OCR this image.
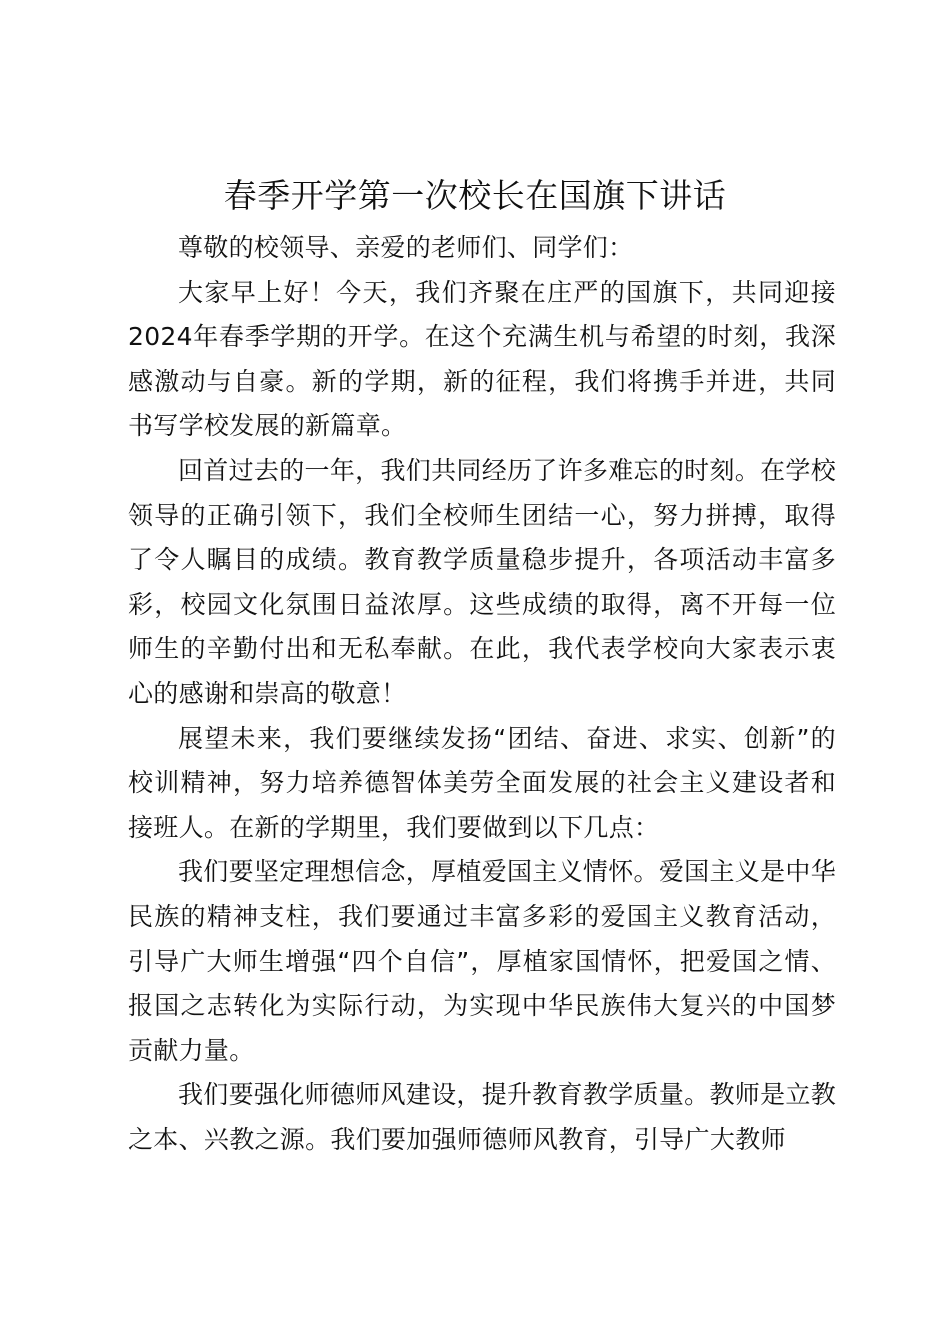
春季开学第一次校长在国旗下讲话

尊敬的校领导、亲爱的老师们、同学们：

大家早上好！今天，我们齐聚在庄严的国旗下，共同迎接2024年春季学期的开学。在这个充满生机与希望的时刻，我深感激动与自豪。新的学期，新的征程，我们将携手并进，共同书写学校发展的新篇章。

回首过去的一年，我们共同经历了许多难忘的时刻。在学校领导的正确引领下，我们全校师生团结一心，努力拼搏，取得了令人瞩目的成绩。教育教学质量稳步提升，各项活动丰富多彩，校园文化氛围日益浓厚。这些成绩的取得，离不开每一位师生的辛勤付出和无私奉献。在此，我代表学校向大家表示衷心的感谢和崇高的敬意！

展望未来，我们要继续发扬“团结、奋进、求实、创新”的校训精神，努力培养德智体美劳全面发展的社会主义建设者和接班人。在新的学期里，我们要做到以下几点：

我们要坚定理想信念，厚植爱国主义情怀。爱国主义是中华民族的精神支柱，我们要通过丰富多彩的爱国主义教育活动，引导广大师生增强“四个自信”，厚植家国情怀，把爱国之情、报国之志转化为实际行动，为实现中华民族伟大复兴的中国梦贡献力量。

我们要强化师德师风建设，提升教育教学质量。教师是立教之本、兴教之源。我们要加强师德师风教育，引导广大教师
